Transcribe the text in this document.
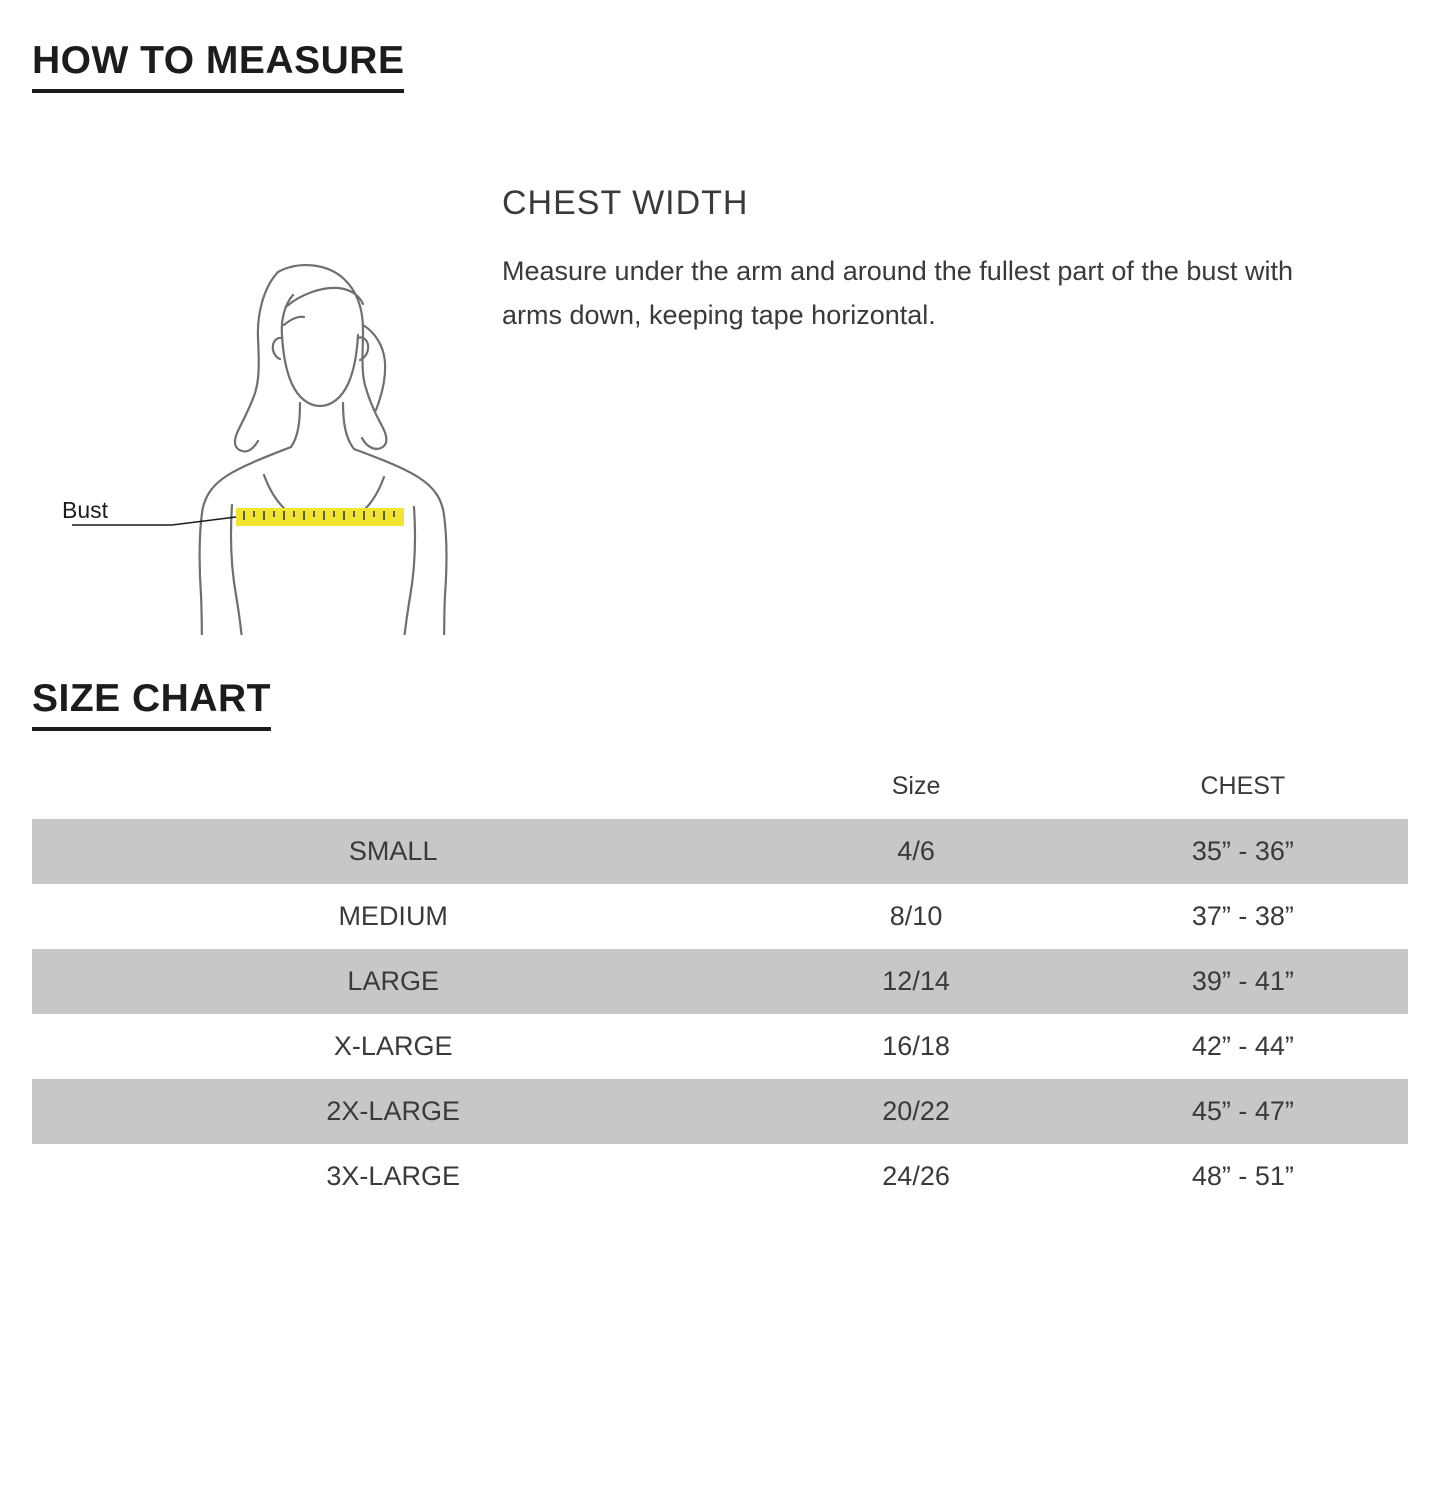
HOW TO MEASURE
Bust
CHEST WIDTH

Measure under the arm and around the fullest part of the bust with arms down, keeping tape horizontal.

SIZE CHART
	Size	CHEST
SMALL	4/6	35” - 36”
MEDIUM	8/10	37” - 38”
LARGE	12/14	39” - 41”
X-LARGE	16/18	42” - 44”
2X-LARGE	20/22	45” - 47”
3X-LARGE	24/26	48” - 51”
